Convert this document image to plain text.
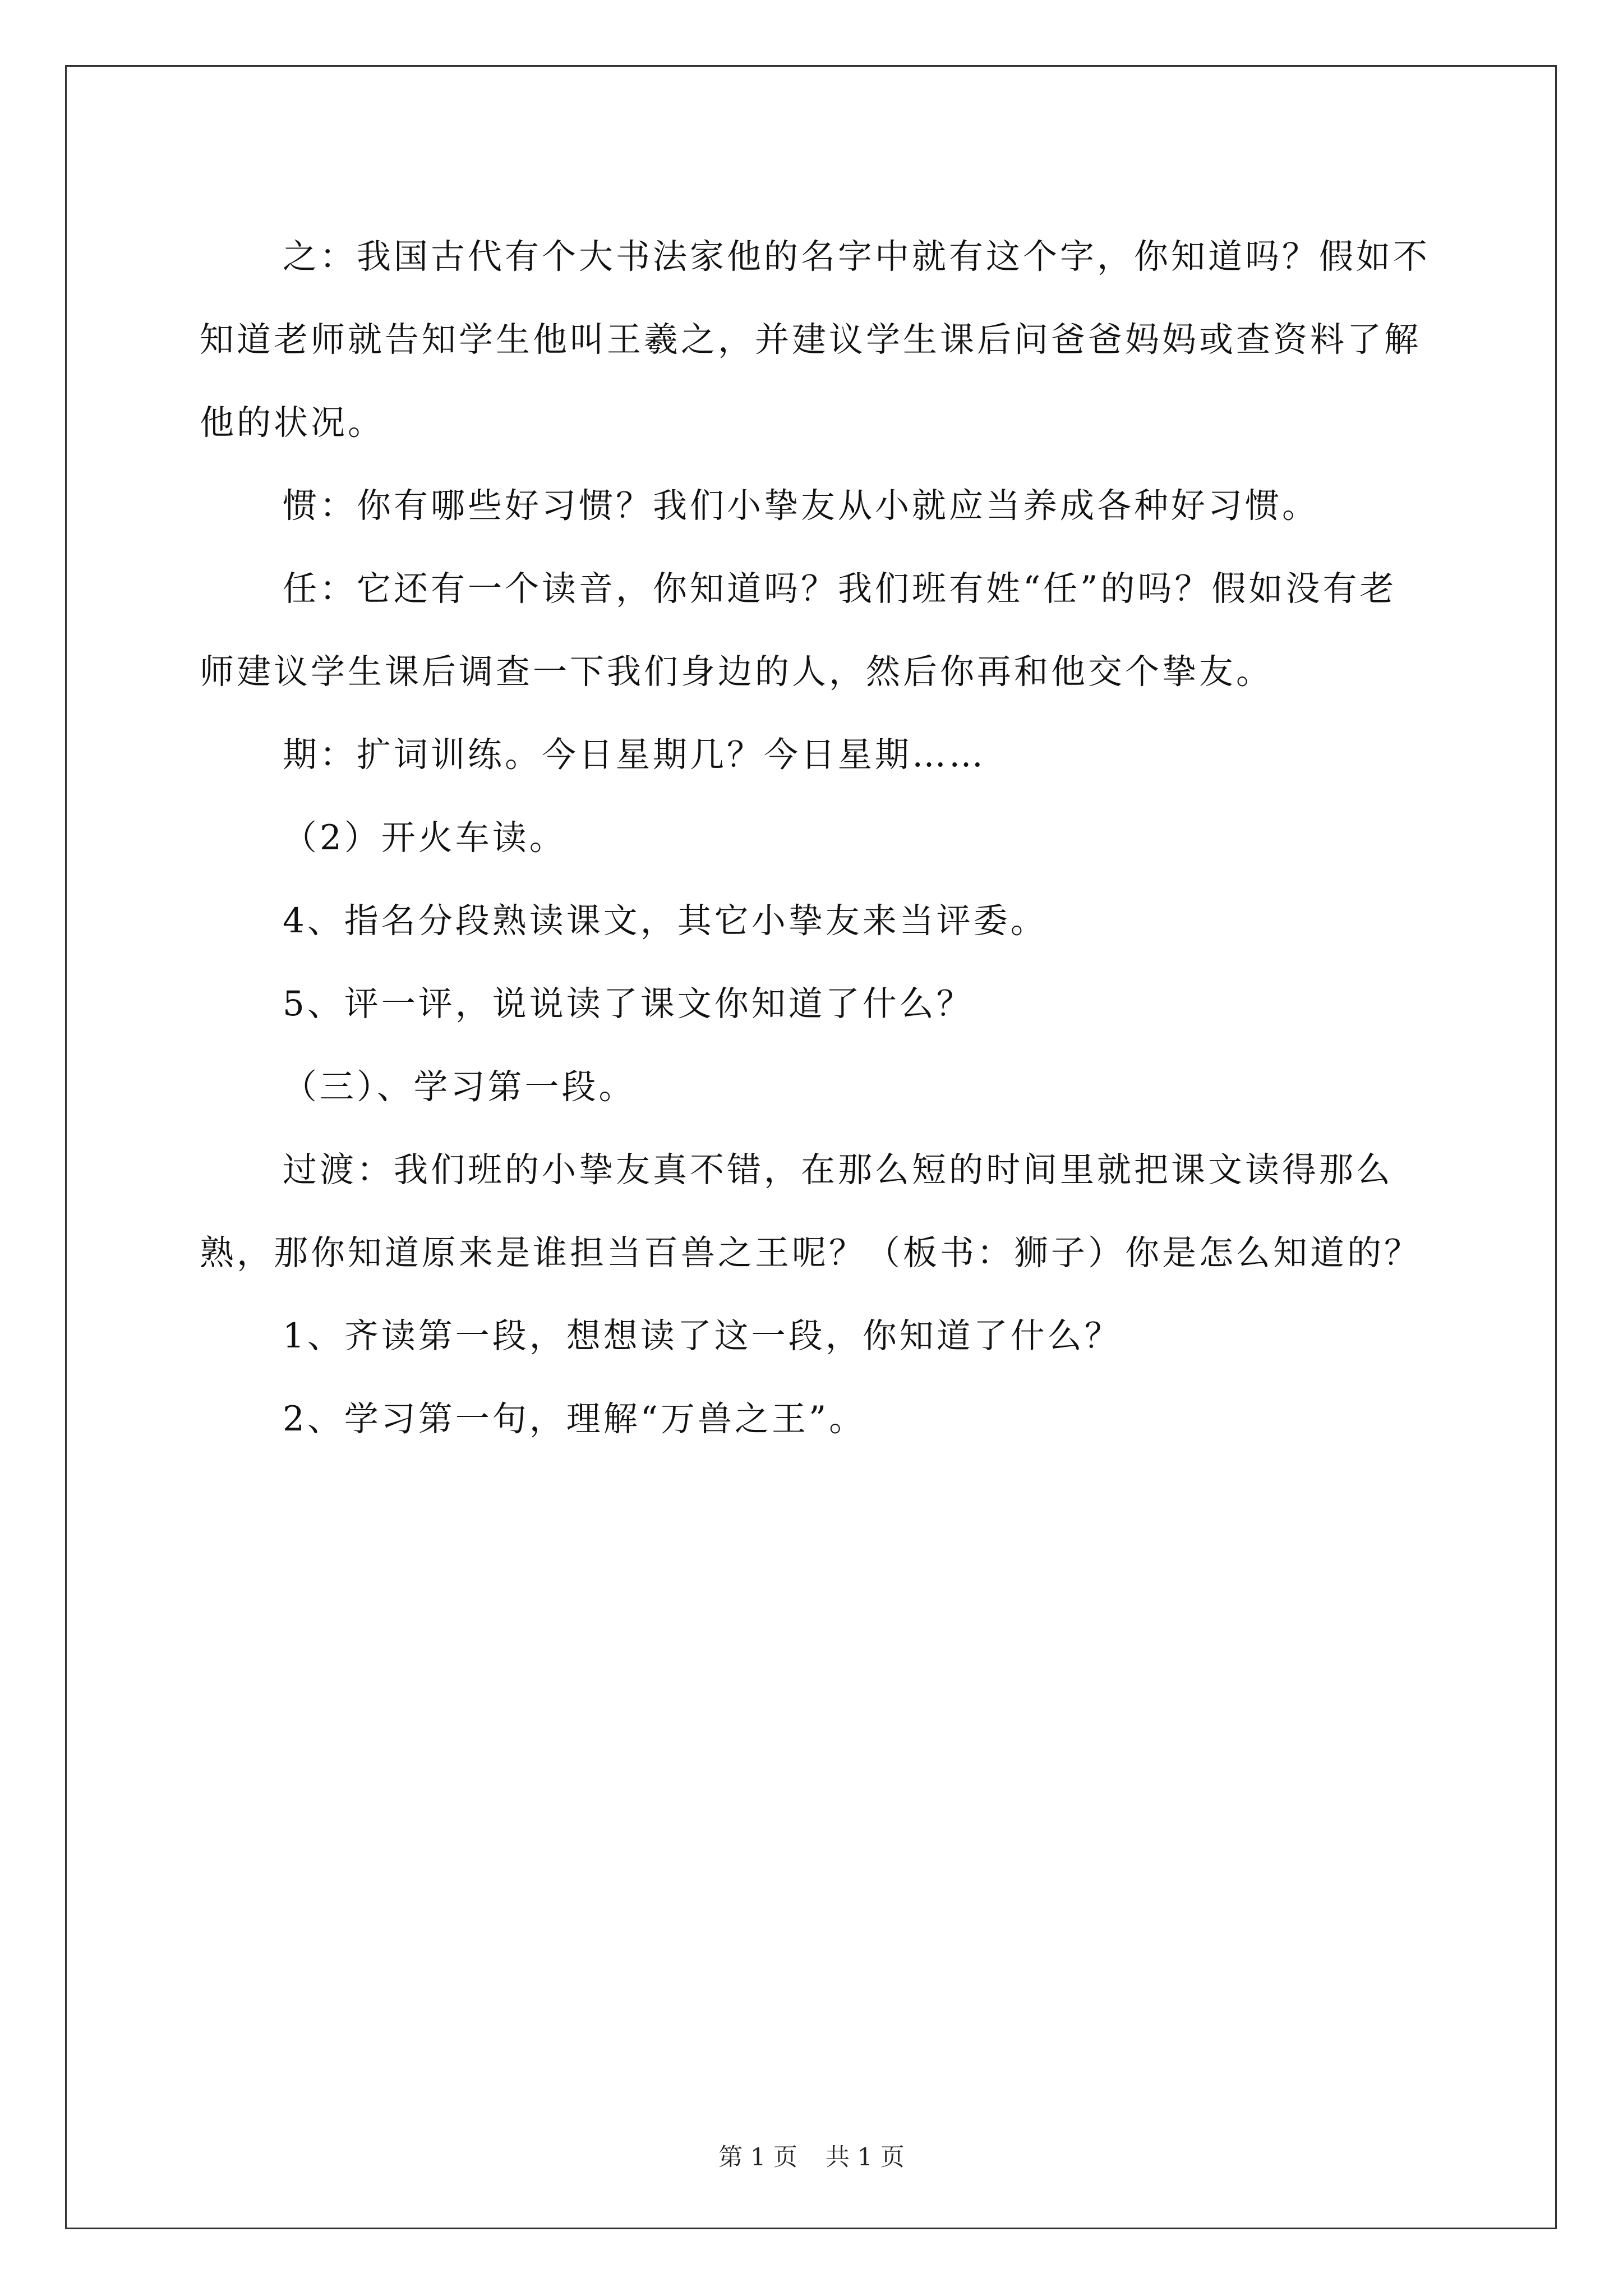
之：我国古代有个大书法家他的名字中就有这个字，你知道吗？假如不知道老师就告知学生他叫王羲之，并建议学生课后问爸爸妈妈或查资料了解他的状况。

惯：你有哪些好习惯？我们小挚友从小就应当养成各种好习惯。

任：它还有一个读音，你知道吗？我们班有姓“任”的吗？假如没有老师建议学生课后调查一下我们身边的人，然后你再和他交个挚友。

期：扩词训练。今日星期几？今日星期……

（2）开火车读。

4、指名分段熟读课文，其它小挚友来当评委。

5、评一评，说说读了课文你知道了什么？

（三）、学习第一段。

过渡：我们班的小挚友真不错，在那么短的时间里就把课文读得那么熟，那你知道原来是谁担当百兽之王呢？（板书：狮子）你是怎么知道的？

1、齐读第一段，想想读了这一段，你知道了什么？

2、学习第一句，理解“万兽之王”。

第 1 页 共 1 页
